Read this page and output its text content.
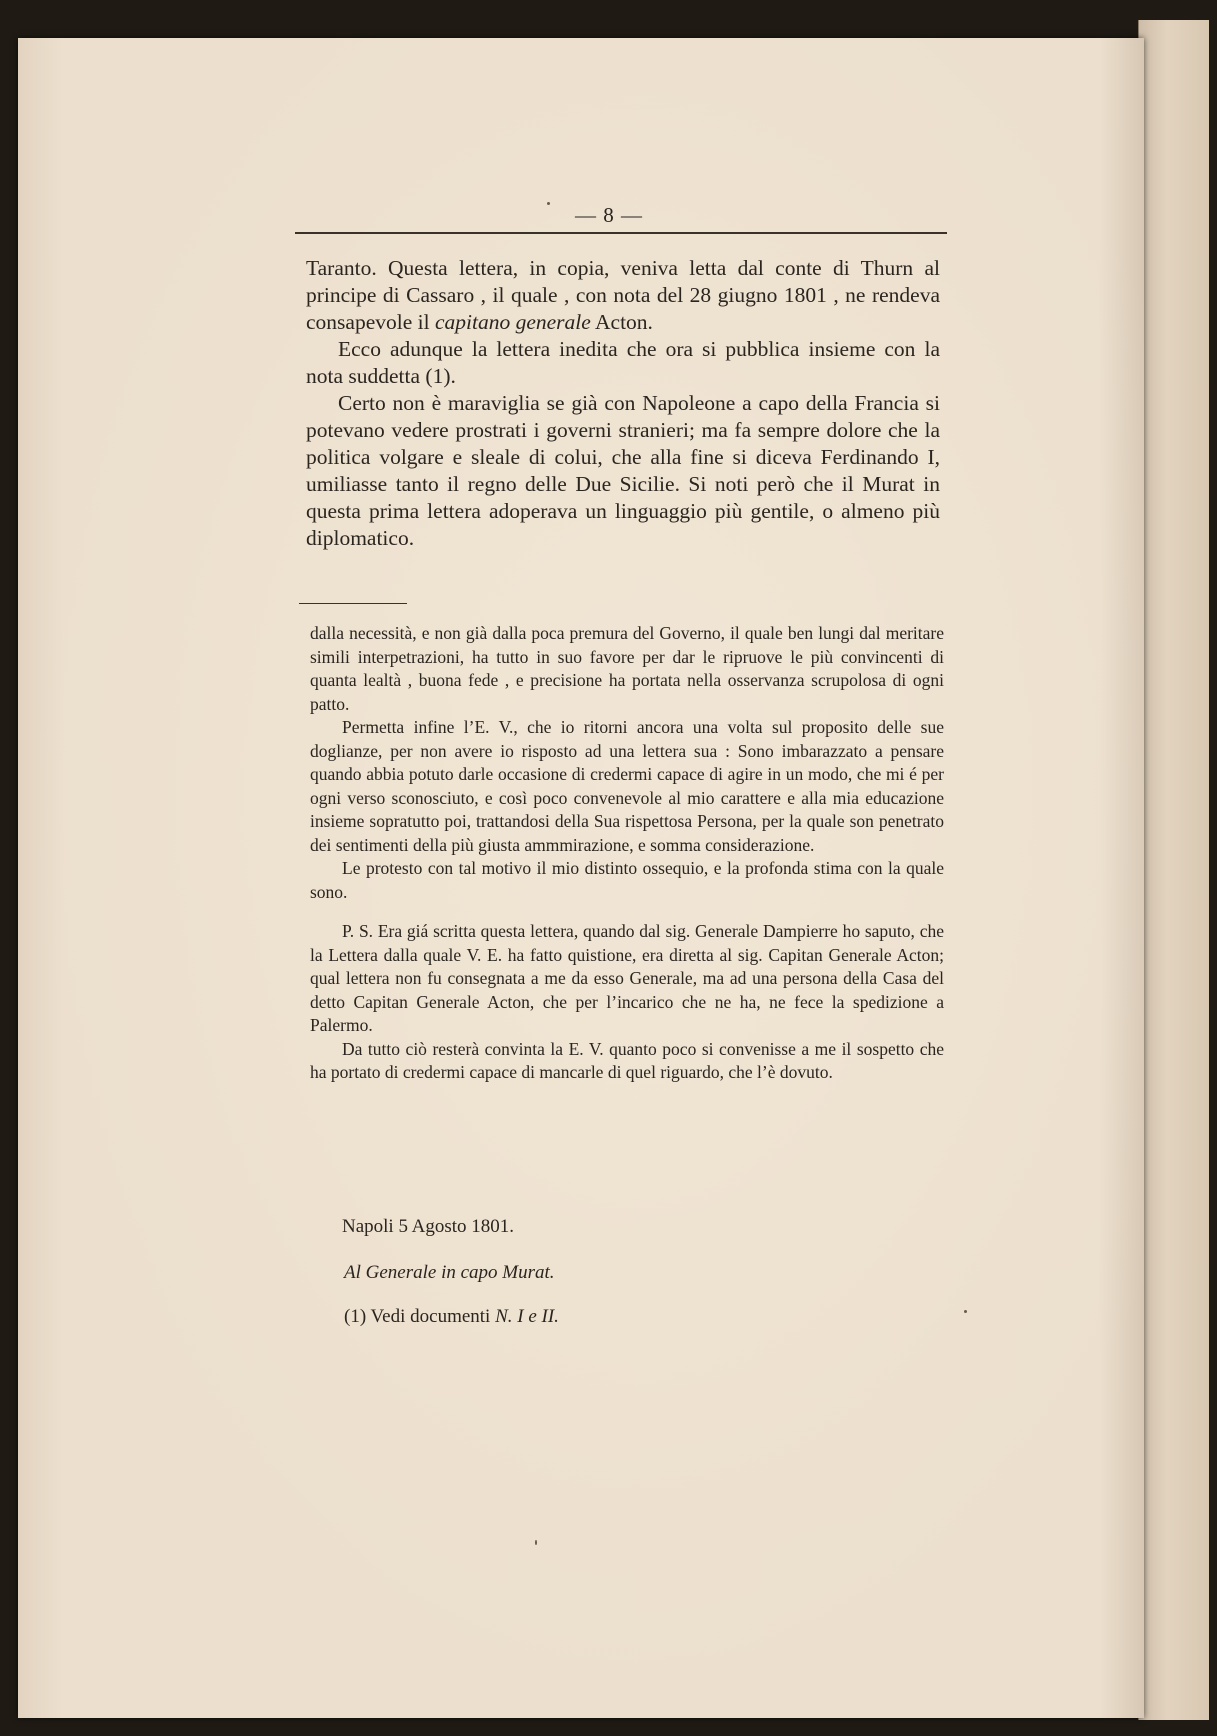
— 8 —

Taranto. Questa lettera, in copia, veniva letta dal conte di Thurn al principe di Cassaro , il quale , con nota del 28 giugno 1801 , ne rendeva consapevole il capitano generale Acton.

Ecco adunque la lettera inedita che ora si pubblica insieme con la nota suddetta (1).

Certo non è maraviglia se già con Napoleone a capo della Francia si potevano vedere prostrati i governi stranieri; ma fa sempre dolore che la politica volgare e sleale di colui, che alla fine si diceva Ferdinando I, umiliasse tanto il regno delle Due Sicilie. Si noti però che il Murat in questa prima lettera adoperava un linguaggio più gentile, o almeno più diplomatico.

dalla necessità, e non già dalla poca premura del Governo, il quale ben lungi dal meritare simili interpetrazioni, ha tutto in suo favore per dar le ripruove le più convincenti di quanta lealtà , buona fede , e precisione ha portata nella osservanza scrupolosa di ogni patto.

Permetta infine l’E. V., che io ritorni ancora una volta sul proposito delle sue doglianze, per non avere io risposto ad una lettera sua : Sono imbarazzato a pensare quando abbia potuto darle occasione di credermi capace di agire in un modo, che mi é per ogni verso sconosciuto, e così poco convenevole al mio carattere e alla mia educazione insieme sopratutto poi, trattandosi della Sua rispettosa Persona, per la quale son penetrato dei sentimenti della più giusta ammmirazione, e somma considerazione.

Le protesto con tal motivo il mio distinto ossequio, e la profonda stima con la quale sono.

P. S. Era giá scritta questa lettera, quando dal sig. Generale Dampierre ho saputo, che la Lettera dalla quale V. E. ha fatto quistione, era diretta al sig. Capitan Generale Acton; qual lettera non fu consegnata a me da esso Generale, ma ad una persona della Casa del detto Capitan Generale Acton, che per l’incarico che ne ha, ne fece la spedizione a Palermo.

Da tutto ciò resterà convinta la E. V. quanto poco si convenisse a me il sospetto che ha portato di credermi capace di mancarle di quel riguardo, che l’è dovuto.

Napoli 5 Agosto 1801.
Al Generale in capo Murat.
(1) Vedi documenti N. I e II.
